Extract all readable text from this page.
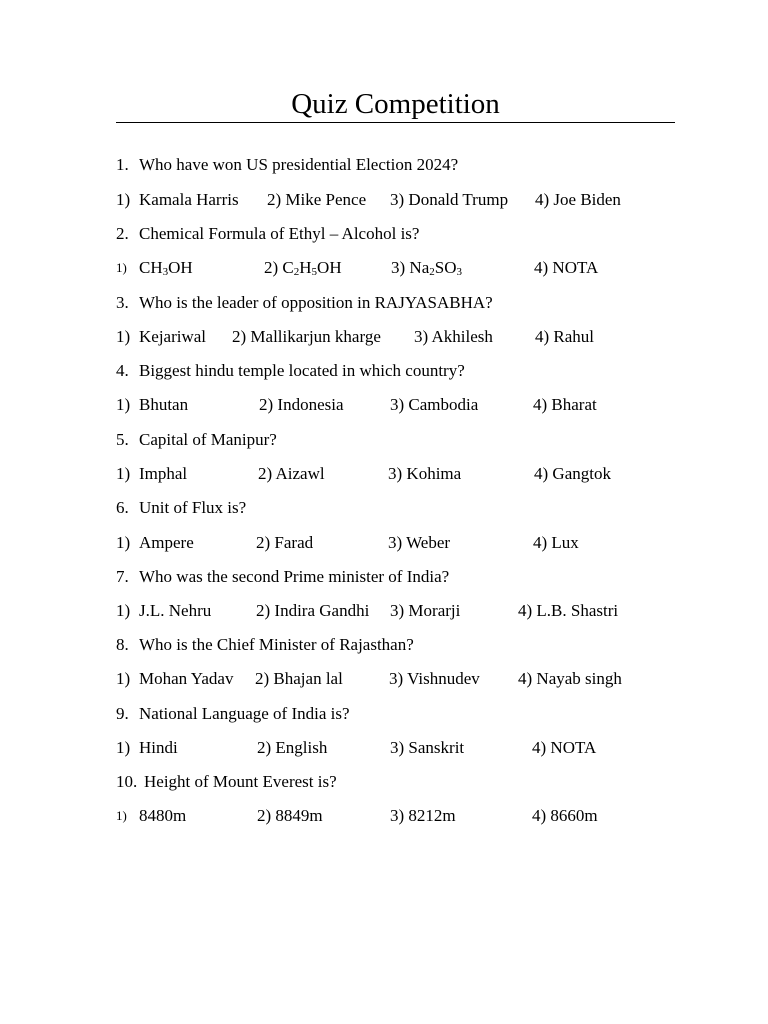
Quiz Competition
1. Who have won US presidential Election 2024?
1) Kamala Harris 2) Mike Pence 3) Donald Trump 4) Joe Biden
2. Chemical Formula of Ethyl – Alcohol is?
1) $CH_3OH$	2) $C_2H_5OH$	3) $Na_2SO_3$	4) NOTA
3. Who is the leader of opposition in RAJYASABHA?
1) Kejariwal 2) Mallikarjun kharge 3) Akhilesh 4) Rahul
4. Biggest hindu temple located in which country?
1) Bhutan	2) Indonesia	3) Cambodia	4) Bharat
5. Capital of Manipur?
1) Imphal	2) Aizawl	3) Kohima	4) Gangtok
6. Unit of Flux is?
1) Ampere	2) Farad	3) Weber	4) Lux
7. Who was the second Prime minister of India?
1) J.L. Nehru	2) Indira Gandhi 3) Morarji	4) L.B. Shastri
8. Who is the Chief Minister of Rajasthan?
1) Mohan Yadav 2) Bhajan lal	3) Vishnudev 4) Nayab singh
9. National Language of India is?
1) Hindi	2) English	3) Sanskrit	4) NOTA
10. Height of Mount Everest is?
1) 8480m	2) 8849m	3) 8212m	4) 8660m
